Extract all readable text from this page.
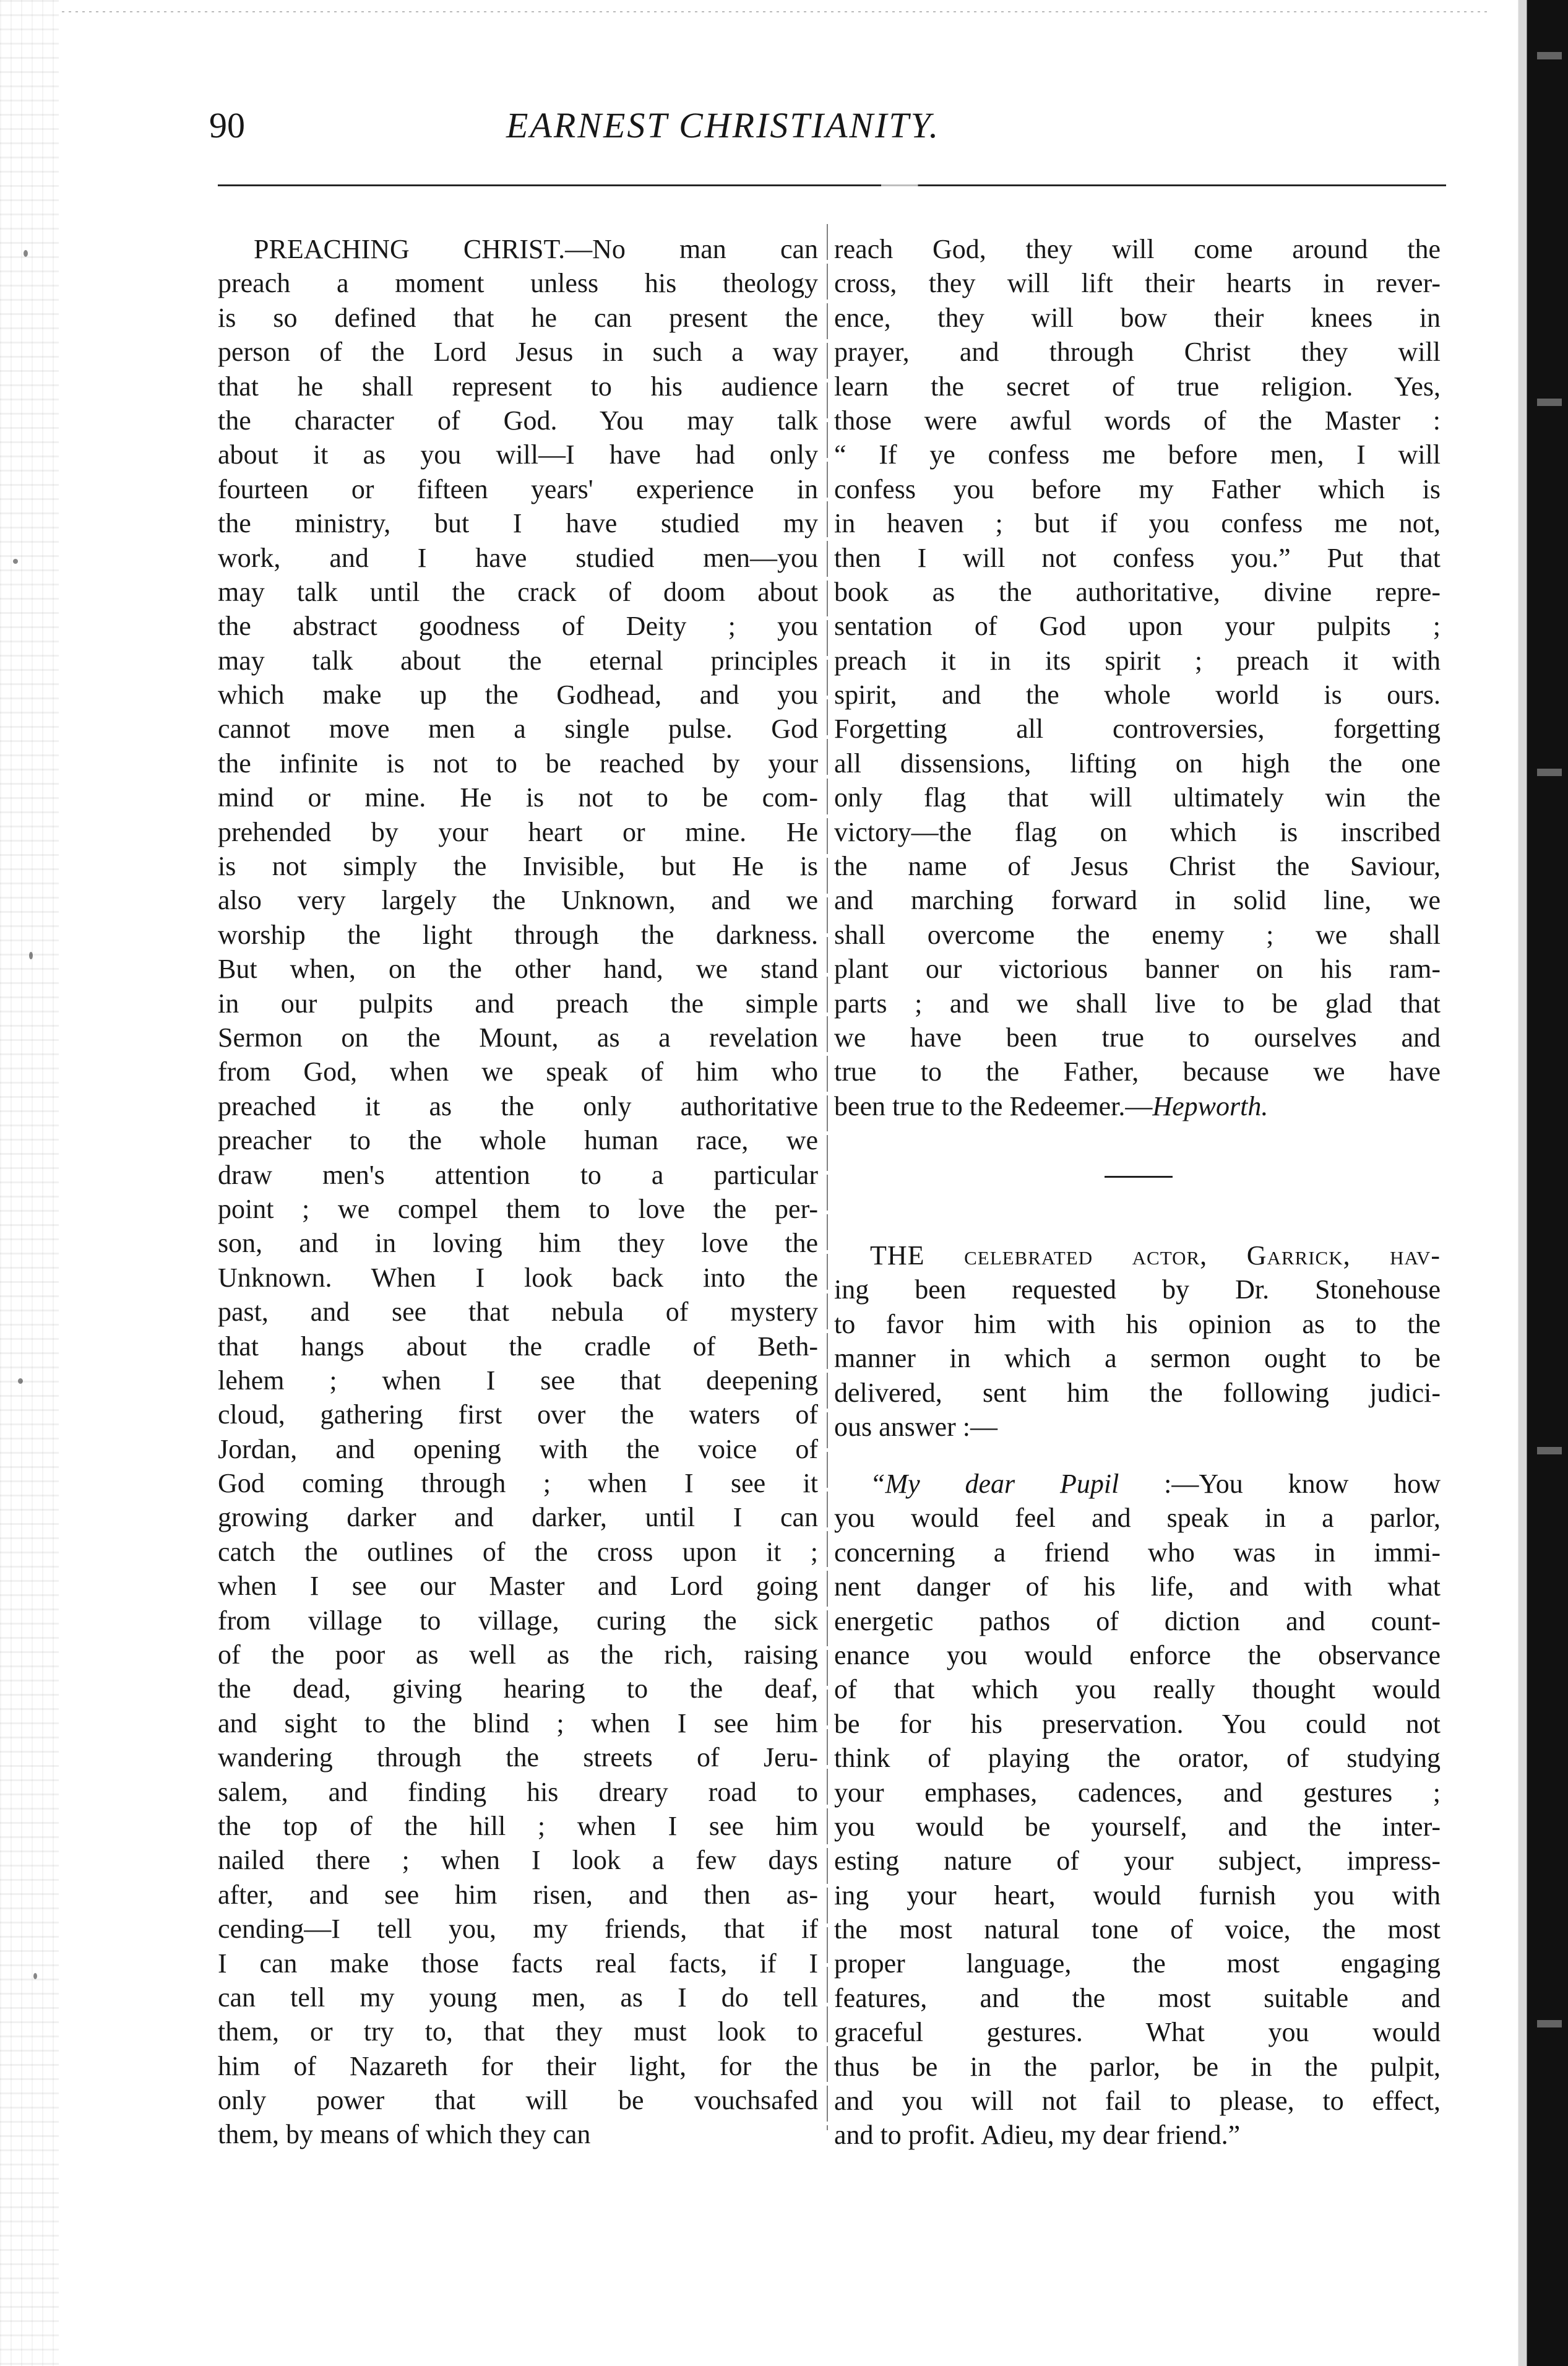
90	EARNEST CHRISTIANITY.
PREACHING CHRIST.—No man can
preach a moment unless his theology
is so defined that he can present the
person of the Lord Jesus in such a way
that he shall represent to his audience
the character of God. You may talk
about it as you will—I have had only
fourteen or fifteen years' experience in
the ministry, but I have studied my
work, and I have studied men—you
may talk until the crack of doom about
the abstract goodness of Deity ; you
may talk about the eternal principles
which make up the Godhead, and you
cannot move men a single pulse. God
the infinite is not to be reached by your
mind or mine. He is not to be com-
prehended by your heart or mine. He
is not simply the Invisible, but He is
also very largely the Unknown, and we
worship the light through the darkness.
But when, on the other hand, we stand
in our pulpits and preach the simple
Sermon on the Mount, as a revelation
from God, when we speak of him who
preached it as the only authoritative
preacher to the whole human race, we
draw men's attention to a particular
point ; we compel them to love the per-
son, and in loving him they love the
Unknown. When I look back into the
past, and see that nebula of mystery
that hangs about the cradle of Beth-
lehem ; when I see that deepening
cloud, gathering first over the waters of
Jordan, and opening with the voice of
God coming through ; when I see it
growing darker and darker, until I can
catch the outlines of the cross upon it ;
when I see our Master and Lord going
from village to village, curing the sick
of the poor as well as the rich, raising
the dead, giving hearing to the deaf,
and sight to the blind ; when I see him
wandering through the streets of Jeru-
salem, and finding his dreary road to
the top of the hill ; when I see him
nailed there ; when I look a few days
after, and see him risen, and then as-
cending—I tell you, my friends, that if
I can make those facts real facts, if I
can tell my young men, as I do tell
them, or try to, that they must look to
him of Nazareth for their light, for the
only power that will be vouchsafed
them, by means of which they can
reach God, they will come around the
cross, they will lift their hearts in rever-
ence, they will bow their knees in
prayer, and through Christ they will
learn the secret of true religion. Yes,
those were awful words of the Master :
“ If ye confess me before men, I will
confess you before my Father which is
in heaven ; but if you confess me not,
then I will not confess you.” Put that
book as the authoritative, divine repre-
sentation of God upon your pulpits ;
preach it in its spirit ; preach it with
spirit, and the whole world is ours.
Forgetting all controversies, forgetting
all dissensions, lifting on high the one
only flag that will ultimately win the
victory—the flag on which is inscribed
the name of Jesus Christ the Saviour,
and marching forward in solid line, we
shall overcome the enemy ; we shall
plant our victorious banner on his ram-
parts ; and we shall live to be glad that
we have been true to ourselves and
true to the Father, because we have
been true to the Redeemer.—Hepworth.
THE celebrated actor, Garrick, hav-
ing been requested by Dr. Stonehouse
to favor him with his opinion as to the
manner in which a sermon ought to be
delivered, sent him the following judici-
ous answer :—
“My dear Pupil :—You know how
you would feel and speak in a parlor,
concerning a friend who was in immi-
nent danger of his life, and with what
energetic pathos of diction and count-
enance you would enforce the observance
of that which you really thought would
be for his preservation. You could not
think of playing the orator, of studying
your emphases, cadences, and gestures ;
you would be yourself, and the inter-
esting nature of your subject, impress-
ing your heart, would furnish you with
the most natural tone of voice, the most
proper language, the most engaging
features, and the most suitable and
graceful gestures. What you would
thus be in the parlor, be in the pulpit,
and you will not fail to please, to effect,
and to profit. Adieu, my dear friend.”
